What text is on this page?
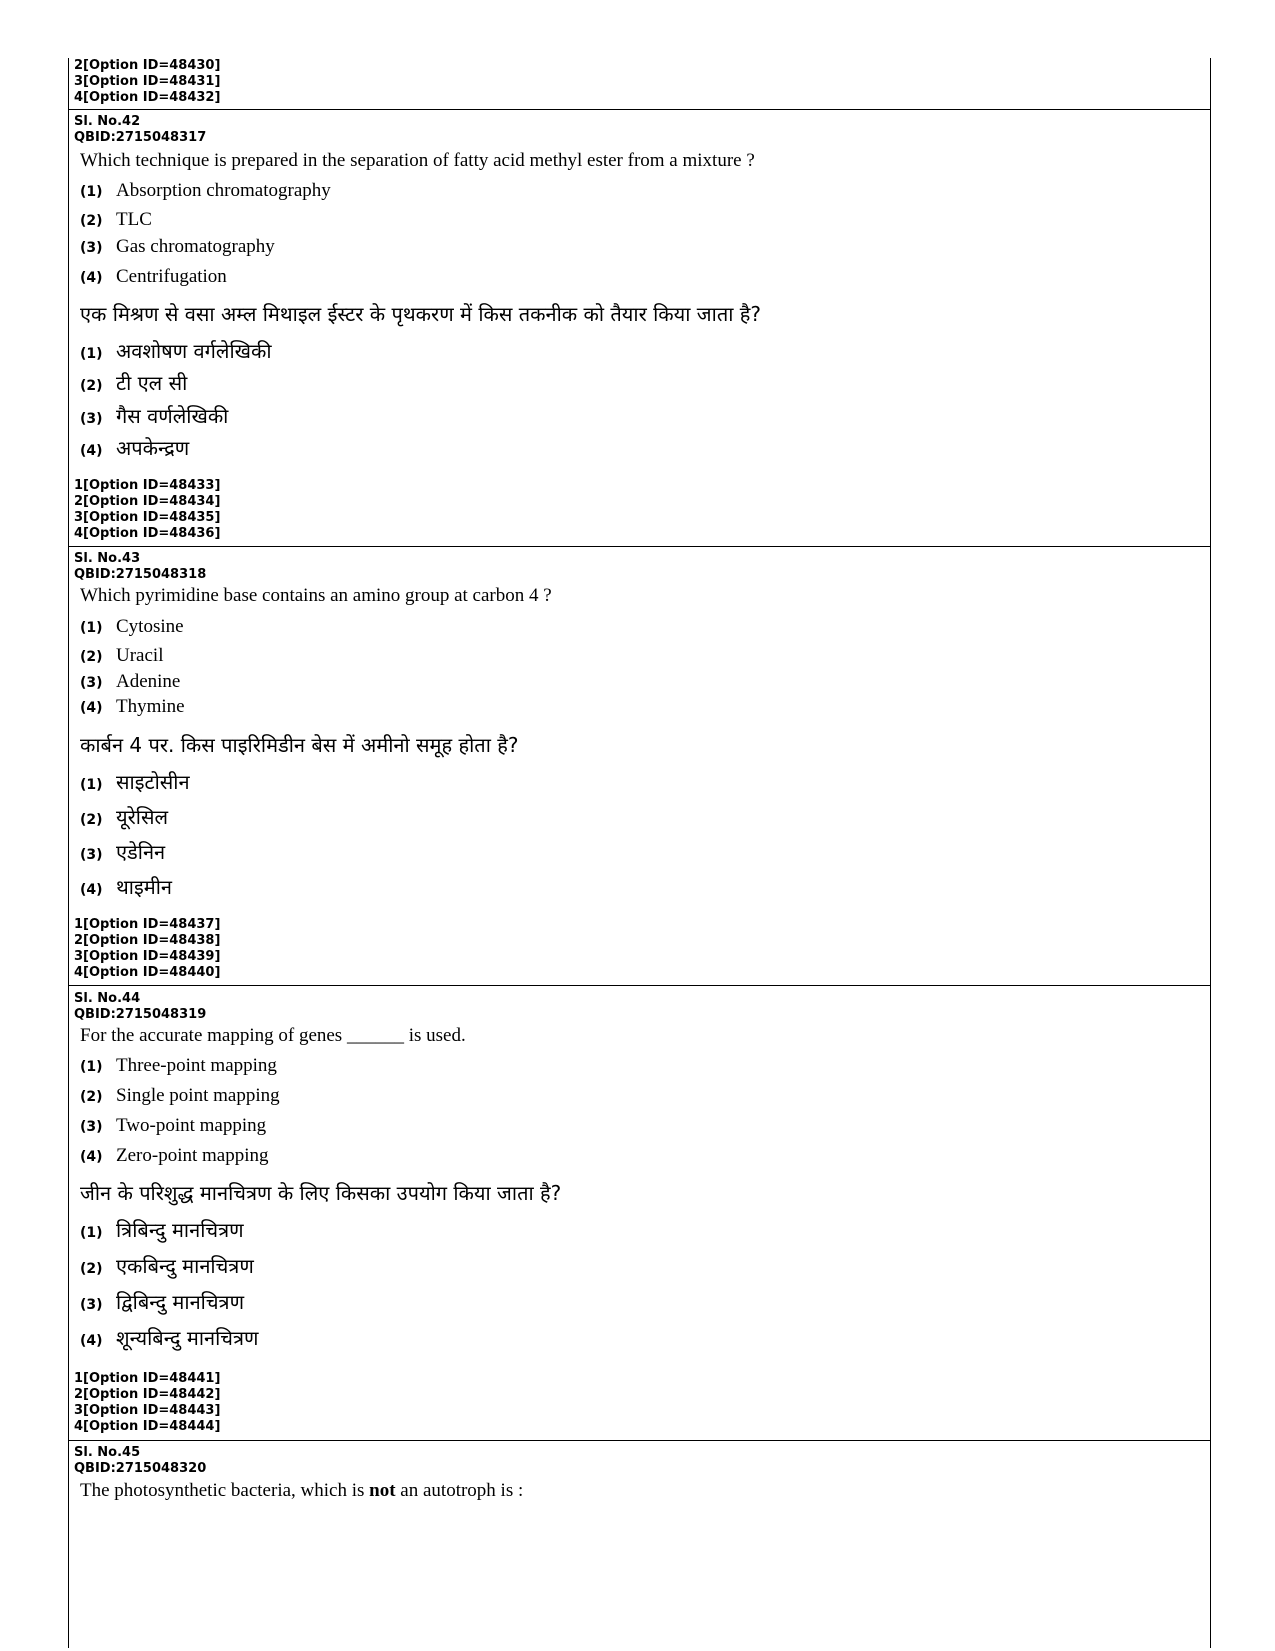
2[Option ID=48430]
3[Option ID=48431]
4[Option ID=48432]
Sl. No.42
QBID:2715048317
Which technique is prepared in the separation of fatty acid methyl ester from a mixture ?
(1) Absorption chromatography
(2) TLC
(3) Gas chromatography
(4) Centrifugation
एक मिश्रण से वसा अम्ल मिथाइल ईस्टर के पृथकरण में किस तकनीक को तैयार किया जाता है?
(1) अवशोषण वर्गलेखिकी
(2) टी एल सी
(3) गैस वर्णलेखिकी
(4) अपकेन्द्रण
1[Option ID=48433]
2[Option ID=48434]
3[Option ID=48435]
4[Option ID=48436]
Sl. No.43
QBID:2715048318
Which pyrimidine base contains an amino group at carbon 4 ?
(1) Cytosine
(2) Uracil
(3) Adenine
(4) Thymine
कार्बन 4 पर. किस पाइरिमिडीन बेस में अमीनो समूह होता है?
(1) साइटोसीन
(2) यूरेसिल
(3) एडेनिन
(4) थाइमीन
1[Option ID=48437]
2[Option ID=48438]
3[Option ID=48439]
4[Option ID=48440]
Sl. No.44
QBID:2715048319
For the accurate mapping of genes ______ is used.
(1) Three-point mapping
(2) Single point mapping
(3) Two-point mapping
(4) Zero-point mapping
जीन के परिशुद्ध मानचित्रण के लिए किसका उपयोग किया जाता है?
(1) त्रिबिन्दु मानचित्रण
(2) एकबिन्दु मानचित्रण
(3) द्विबिन्दु मानचित्रण
(4) शून्यबिन्दु मानचित्रण
1[Option ID=48441]
2[Option ID=48442]
3[Option ID=48443]
4[Option ID=48444]
Sl. No.45
QBID:2715048320
The photosynthetic bacteria, which is not an autotroph is :
